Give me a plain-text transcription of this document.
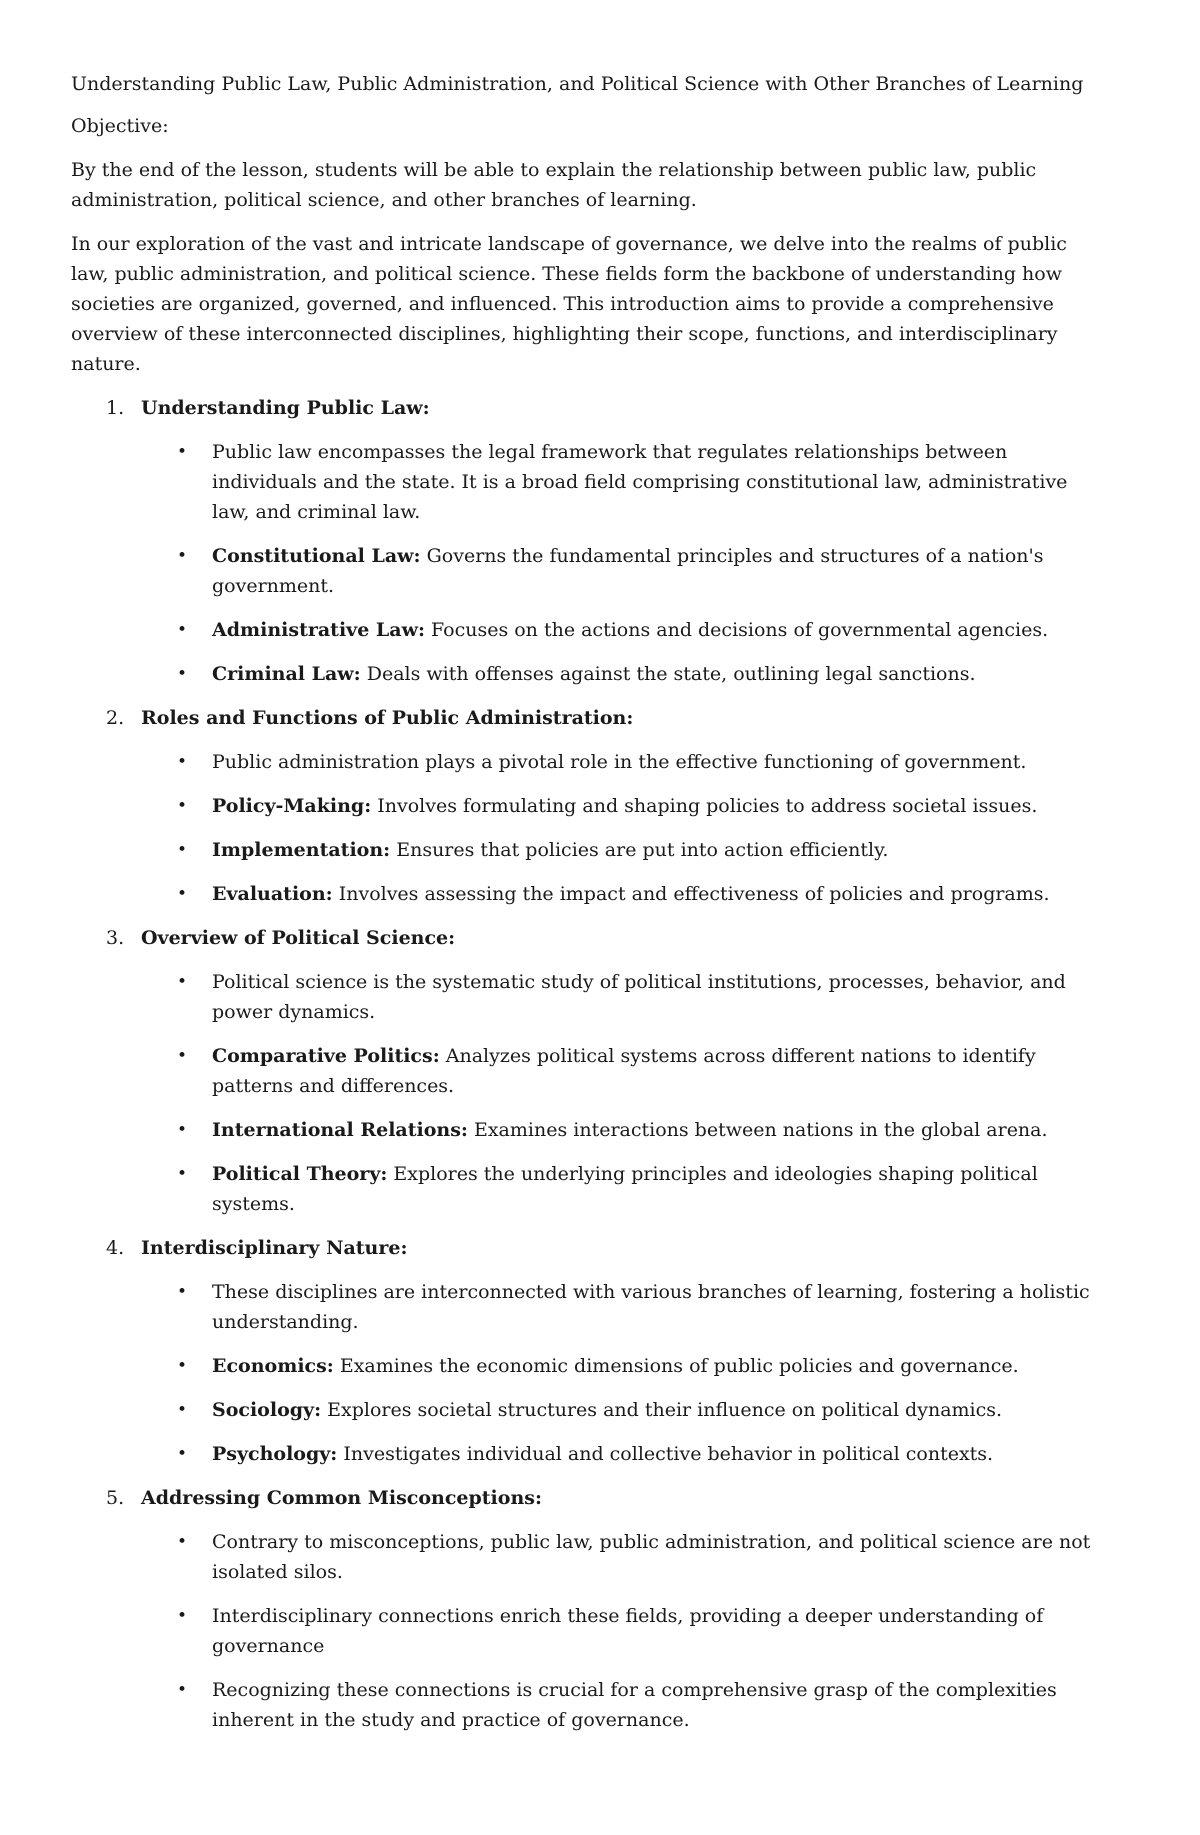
Understanding Public Law, Public Administration, and Political Science with Other Branches of Learning

Objective:

By the end of the lesson, students will be able to explain the relationship between public law, public administration, political science, and other branches of learning.

In our exploration of the vast and intricate landscape of governance, we delve into the realms of public law, public administration, and political science. These fields form the backbone of understanding how societies are organized, governed, and influenced. This introduction aims to provide a comprehensive overview of these interconnected disciplines, highlighting their scope, functions, and interdisciplinary nature.

1. Understanding Public Law:

• Public law encompasses the legal framework that regulates relationships between individuals and the state. It is a broad field comprising constitutional law, administrative law, and criminal law.
• Constitutional Law: Governs the fundamental principles and structures of a nation's government.
• Administrative Law: Focuses on the actions and decisions of governmental agencies.
• Criminal Law: Deals with offenses against the state, outlining legal sanctions.

2. Roles and Functions of Public Administration:

• Public administration plays a pivotal role in the effective functioning of government.
• Policy-Making: Involves formulating and shaping policies to address societal issues.
• Implementation: Ensures that policies are put into action efficiently.
• Evaluation: Involves assessing the impact and effectiveness of policies and programs.

3. Overview of Political Science:

• Political science is the systematic study of political institutions, processes, behavior, and power dynamics.
• Comparative Politics: Analyzes political systems across different nations to identify patterns and differences.
• International Relations: Examines interactions between nations in the global arena.
• Political Theory: Explores the underlying principles and ideologies shaping political systems.

4. Interdisciplinary Nature:

• These disciplines are interconnected with various branches of learning, fostering a holistic understanding.
• Economics: Examines the economic dimensions of public policies and governance.
• Sociology: Explores societal structures and their influence on political dynamics.
• Psychology: Investigates individual and collective behavior in political contexts.

5. Addressing Common Misconceptions:

• Contrary to misconceptions, public law, public administration, and political science are not isolated silos.
• Interdisciplinary connections enrich these fields, providing a deeper understanding of governance
• Recognizing these connections is crucial for a comprehensive grasp of the complexities inherent in the study and practice of governance.
